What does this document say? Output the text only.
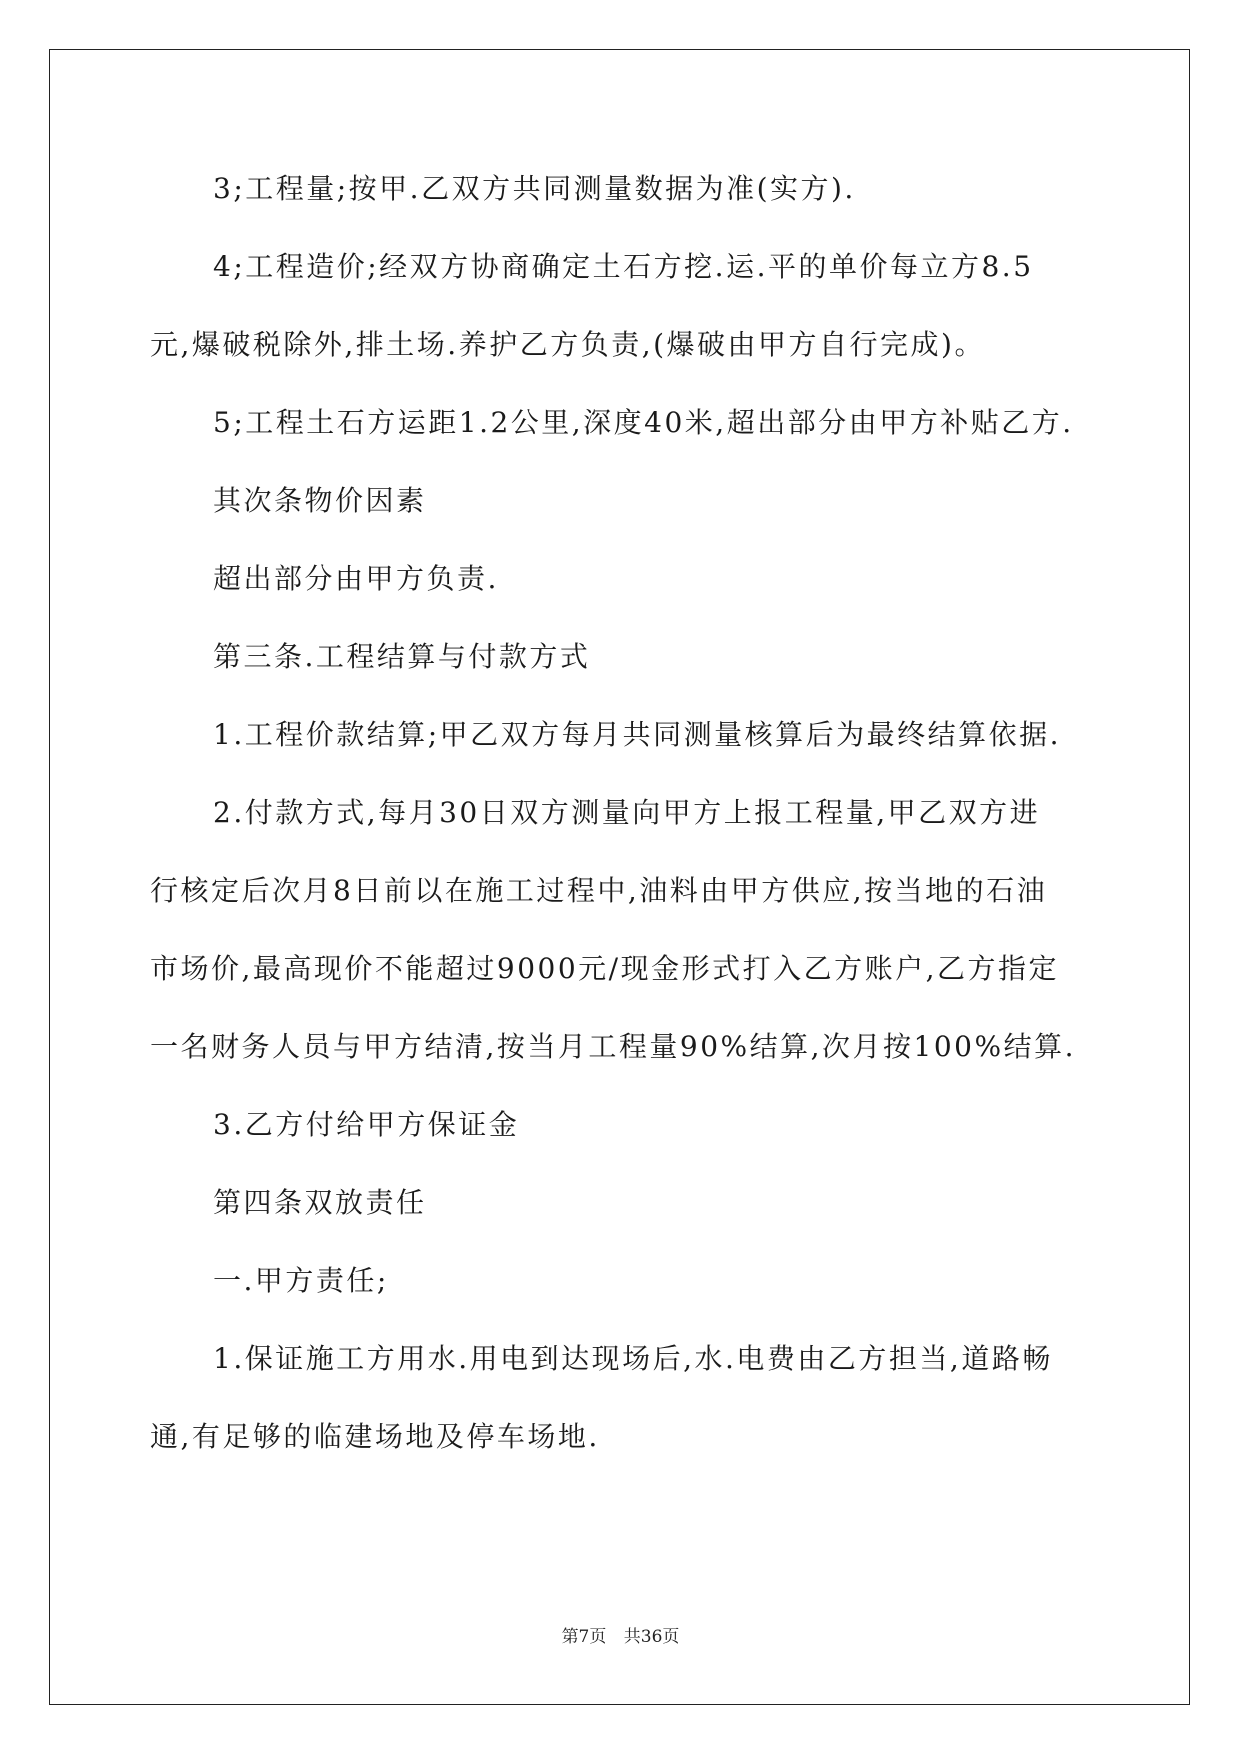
3;工程量;按甲.乙双方共同测量数据为准(实方).

4;工程造价;经双方协商确定土石方挖.运.平的单价每立方8.5

元,爆破税除外,排土场.养护乙方负责,(爆破由甲方自行完成)。

5;工程土石方运距1.2公里,深度40米,超出部分由甲方补贴乙方.

其次条物价因素

超出部分由甲方负责.

第三条.工程结算与付款方式

1.工程价款结算;甲乙双方每月共同测量核算后为最终结算依据.

2.付款方式,每月30日双方测量向甲方上报工程量,甲乙双方进

行核定后次月8日前以在施工过程中,油料由甲方供应,按当地的石油

市场价,最高现价不能超过9000元/现金形式打入乙方账户,乙方指定

一名财务人员与甲方结清,按当月工程量90%结算,次月按100%结算.

3.乙方付给甲方保证金

第四条双放责任

一.甲方责任;

1.保证施工方用水.用电到达现场后,水.电费由乙方担当,道路畅

通,有足够的临建场地及停车场地.

第7页 共36页
